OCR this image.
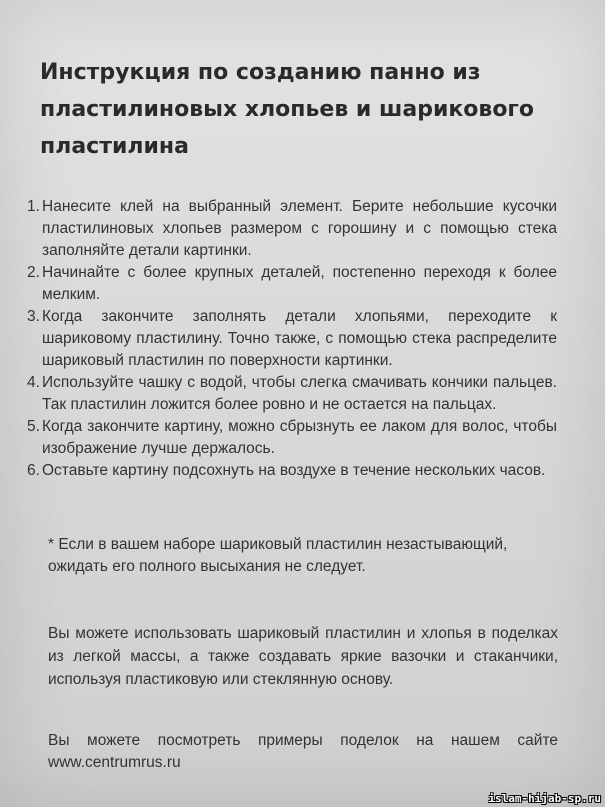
Инструкция по созданию панно из
пластилиновых хлопьев и шарикового
пластилина
1. Нанесите клей на выбранный элемент. Берите небольшие кусочки пластилиновых хлопьев размером с горошину и с помощью стека заполняйте детали картинки.
2. Начинайте с более крупных деталей, постепенно переходя к более мелким.
3. Когда закончите заполнять детали хлопьями, переходите к шариковому пластилину. Точно также, с помощью стека распределите шариковый пластилин по поверхности картинки.
4. Используйте чашку с водой, чтобы слегка смачивать кончики пальцев. Так пластилин ложится более ровно и не остается на пальцах.
5. Когда закончите картину, можно сбрызнуть ее лаком для волос, чтобы изображение лучше держалось.
6. Оставьте картину подсохнуть на воздухе в течение нескольких часов.
* Если в вашем наборе шариковый пластилин незастывающий, ожидать его полного высыхания не следует.
Вы можете использовать шариковый пластилин и хлопья в поделках из легкой массы, а также создавать яркие вазочки и стаканчики, используя пластиковую или стеклянную основу.
Вы можете посмотреть примеры поделок на нашем сайте www.centrumrus.ru
islam-hijab-sp.ru
